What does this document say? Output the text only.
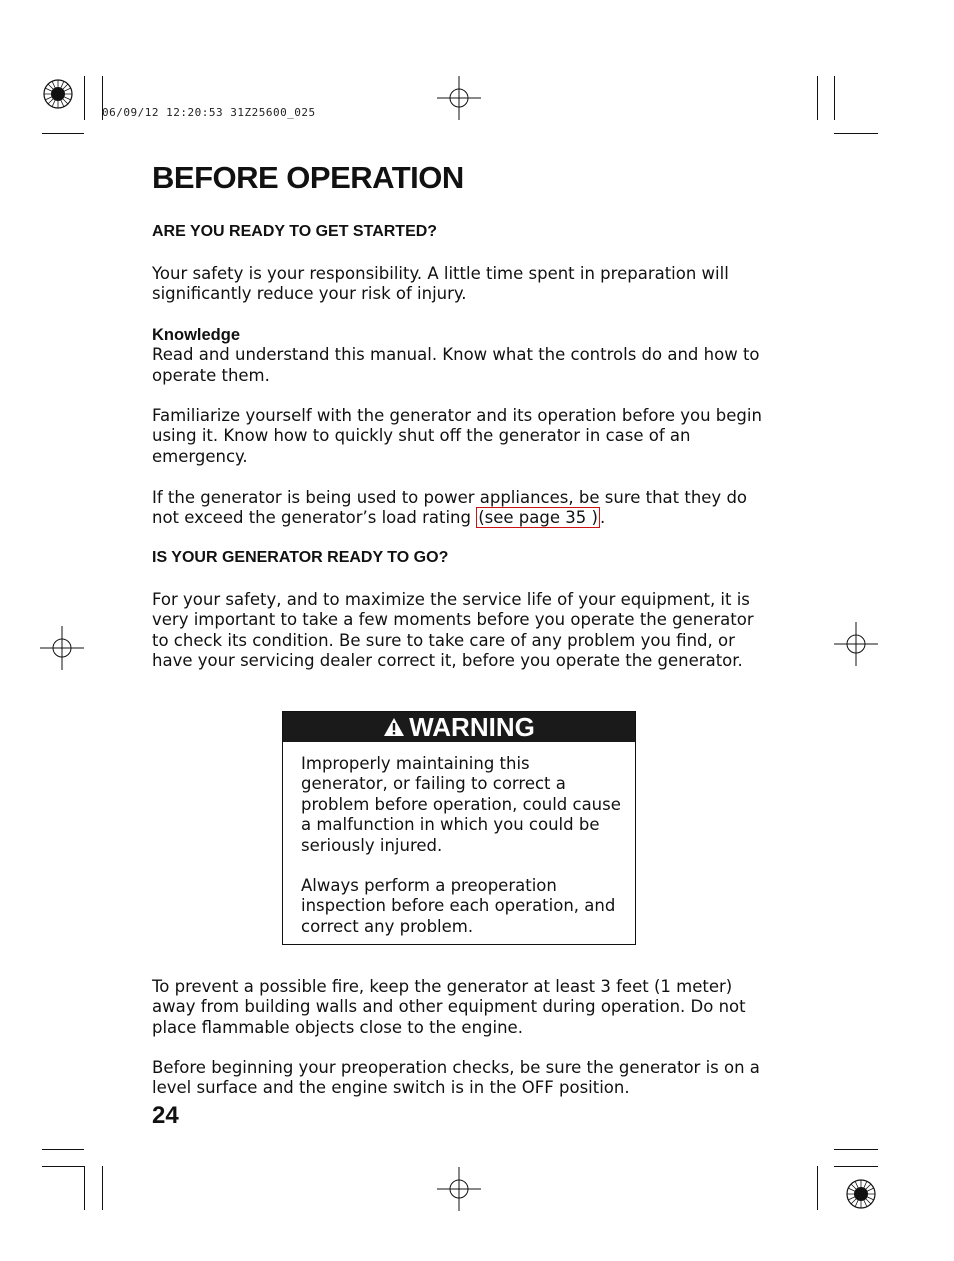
06/09/12 12:20:53 31Z25600_025
BEFORE OPERATION
ARE YOU READY TO GET STARTED?

Your safety is your responsibility. A little time spent in preparation will significantly reduce your risk of injury.

Knowledge
Read and understand this manual. Know what the controls do and how to operate them.

Familiarize yourself with the generator and its operation before you begin using it. Know how to quickly shut off the generator in case of an emergency.

If the generator is being used to power appliances, be sure that they do not exceed the generator’s load rating (see page 35 ) .

IS YOUR GENERATOR READY TO GO?

For your safety, and to maximize the service life of your equipment, it is very important to take a few moments before you operate the generator to check its condition. Be sure to take care of any problem you find, or have your servicing dealer correct it, before you operate the generator.

WARNING

Improperly maintaining this generator, or failing to correct a problem before operation, could cause a malfunction in which you could be seriously injured.

Always perform a preoperation inspection before each operation, and correct any problem.

To prevent a possible fire, keep the generator at least 3 feet (1 meter) away from building walls and other equipment during operation. Do not place flammable objects close to the engine.

Before beginning your preoperation checks, be sure the generator is on a level surface and the engine switch is in the OFF position.

24
